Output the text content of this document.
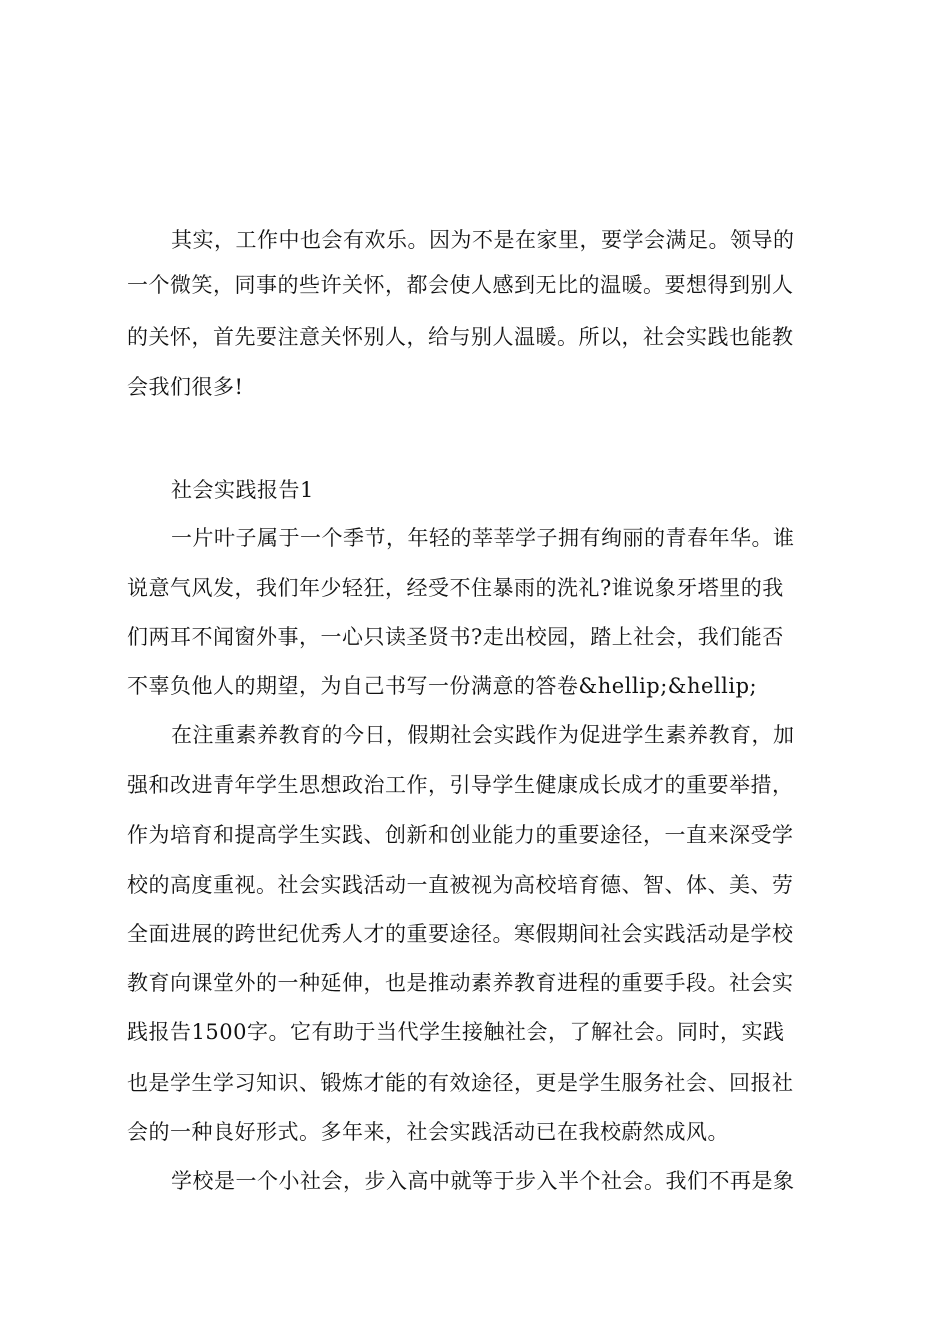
其实，工作中也会有欢乐。因为不是在家里，要学会满足。领导的
一个微笑，同事的些许关怀，都会使人感到无比的温暖。要想得到别人
的关怀，首先要注意关怀别人，给与别人温暖。所以，社会实践也能教
会我们很多!
社会实践报告1
一片叶子属于一个季节，年轻的莘莘学子拥有绚丽的青春年华。谁
说意气风发，我们年少轻狂，经受不住暴雨的洗礼?谁说象牙塔里的我
们两耳不闻窗外事，一心只读圣贤书?走出校园，踏上社会，我们能否
不辜负他人的期望，为自己书写一份满意的答卷&hellip;&hellip;
在注重素养教育的今日，假期社会实践作为促进学生素养教育，加
强和改进青年学生思想政治工作，引导学生健康成长成才的重要举措，
作为培育和提高学生实践、创新和创业能力的重要途径，一直来深受学
校的高度重视。社会实践活动一直被视为高校培育德、智、体、美、劳
全面进展的跨世纪优秀人才的重要途径。寒假期间社会实践活动是学校
教育向课堂外的一种延伸，也是推动素养教育进程的重要手段。社会实
践报告1500字。它有助于当代学生接触社会，了解社会。同时，实践
也是学生学习知识、锻炼才能的有效途径，更是学生服务社会、回报社
会的一种良好形式。多年来，社会实践活动已在我校蔚然成风。
学校是一个小社会，步入高中就等于步入半个社会。我们不再是象
